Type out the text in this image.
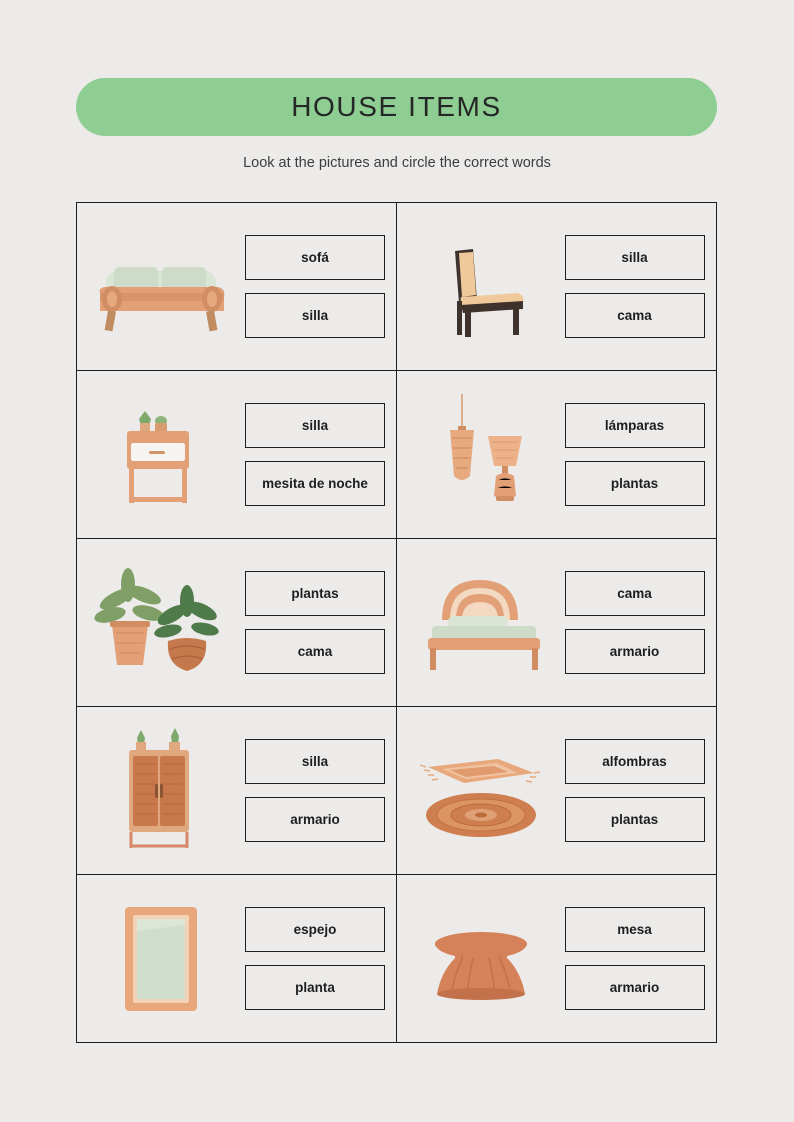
HOUSE ITEMS
Look at the pictures and circle the correct words
sofá
silla
silla
cama
silla
mesita de noche
lámparas
plantas
plantas
cama
cama
armario
silla
armario
alfombras
plantas
espejo
planta
mesa
armario
